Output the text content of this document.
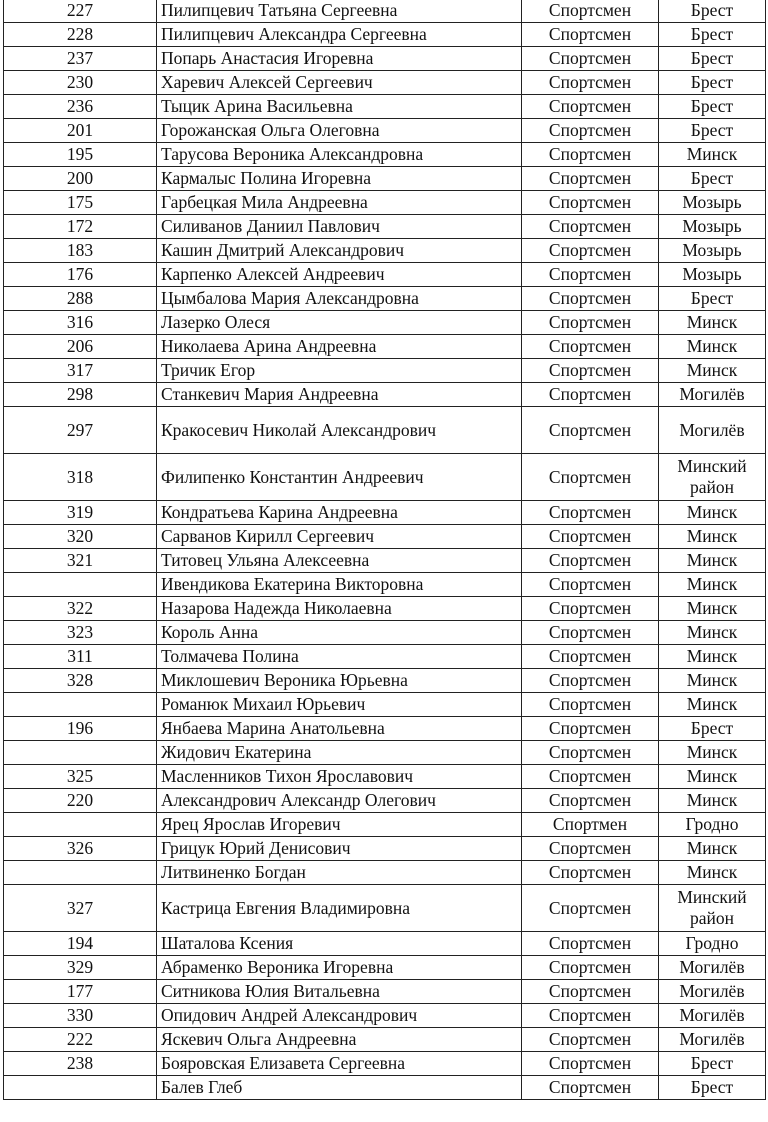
227	Пилипцевич Татьяна Сергеевна	Спортсмен	Брест
228	Пилипцевич Александра Сергеевна	Спортсмен	Брест
237	Попарь Анастасия Игоревна	Спортсмен	Брест
230	Харевич Алексей Сергеевич	Спортсмен	Брест
236	Тыцик Арина Васильевна	Спортсмен	Брест
201	Горожанская Ольга Олеговна	Спортсмен	Брест
195	Тарусова Вероника Александровна	Спортсмен	Минск
200	Кармалыс Полина Игоревна	Спортсмен	Брест
175	Гарбецкая Мила Андреевна	Спортсмен	Мозырь
172	Силиванов Даниил Павлович	Спортсмен	Мозырь
183	Кашин Дмитрий Александрович	Спортсмен	Мозырь
176	Карпенко Алексей Андреевич	Спортсмен	Мозырь
288	Цымбалова Мария Александровна	Спортсмен	Брест
316	Лазерко Олеся	Спортсмен	Минск
206	Николаева Арина Андреевна	Спортсмен	Минск
317	Тричик Егор	Спортсмен	Минск
298	Станкевич Мария Андреевна	Спортсмен	Могилёв
297	Кракосевич Николай Александрович	Спортсмен	Могилёв
318	Филипенко Константин Андреевич	Спортсмен	Минский район
319	Кондратьева Карина Андреевна	Спортсмен	Минск
320	Сарванов Кирилл Сергеевич	Спортсмен	Минск
321	Титовец Ульяна Алексеевна	Спортсмен	Минск
	Ивендикова Екатерина Викторовна	Спортсмен	Минск
322	Назарова Надежда Николаевна	Спортсмен	Минск
323	Король Анна	Спортсмен	Минск
311	Толмачева Полина	Спортсмен	Минск
328	Миклошевич Вероника Юрьевна	Спортсмен	Минск
	Романюк Михаил Юрьевич	Спортсмен	Минск
196	Янбаева Марина Анатольевна	Спортсмен	Брест
	Жидович Екатерина	Спортсмен	Минск
325	Масленников Тихон Ярославович	Спортсмен	Минск
220	Александрович Александр Олегович	Спортсмен	Минск
	Ярец Ярослав Игоревич	Спортмен	Гродно
326	Грицук Юрий Денисович	Спортсмен	Минск
	Литвиненко Богдан	Спортсмен	Минск
327	Кастрица Евгения Владимировна	Спортсмен	Минский район
194	Шаталова Ксения	Спортсмен	Гродно
329	Абраменко Вероника Игоревна	Спортсмен	Могилёв
177	Ситникова Юлия Витальевна	Спортсмен	Могилёв
330	Опидович Андрей Александрович	Спортсмен	Могилёв
222	Яскевич Ольга Андреевна	Спортсмен	Могилёв
238	Бояровская Елизавета Сергеевна	Спортсмен	Брест
	Балев Глеб	Спортсмен	Брест
